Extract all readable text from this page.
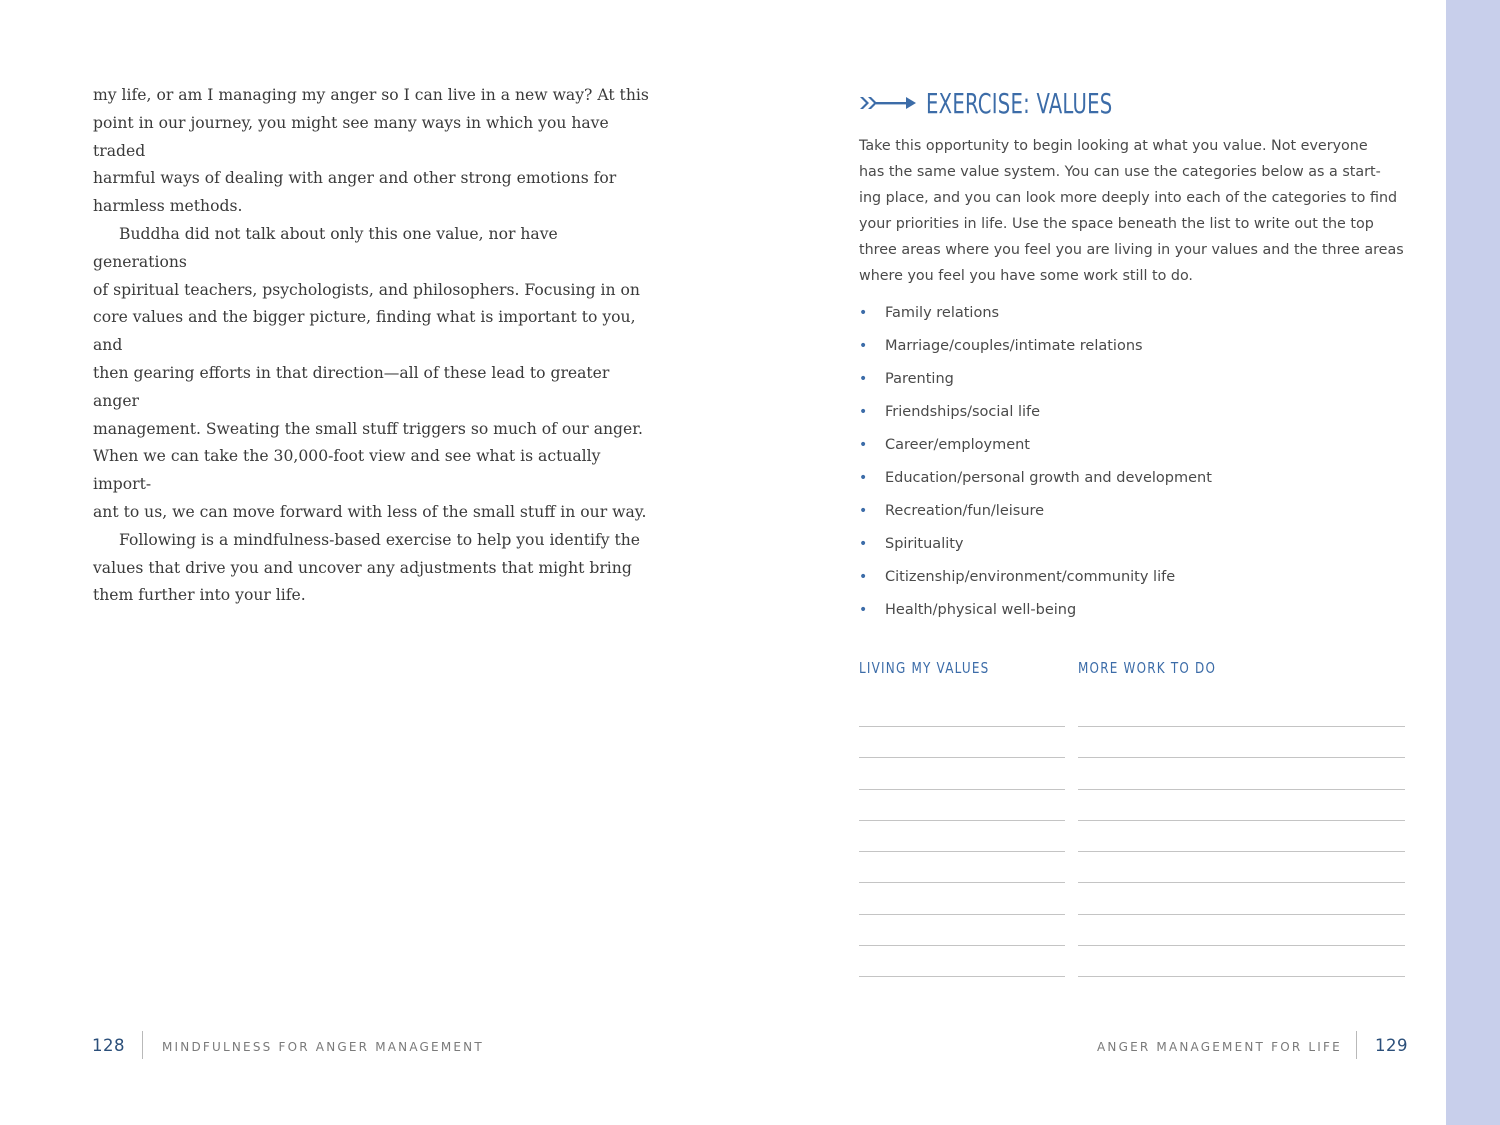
my life, or am I managing my anger so I can live in a new way? At this
point in our journey, you might see many ways in which you have traded
harmful ways of dealing with anger and other strong emotions for
harmless methods.

Buddha did not talk about only this one value, nor have generations
of spiritual teachers, psychologists, and philosophers. Focusing in on
core values and the bigger picture, finding what is important to you, and
then gearing efforts in that direction—all of these lead to greater anger
management. Sweating the small stuff triggers so much of our anger.
When we can take the 30,000-foot view and see what is actually import-
ant to us, we can move forward with less of the small stuff in our way.

Following is a mindfulness-based exercise to help you identify the
values that drive you and uncover any adjustments that might bring
them further into your life.

128	MINDFULNESS FOR ANGER MANAGEMENT
EXERCISE: VALUES

Take this opportunity to begin looking at what you value. Not everyone
has the same value system. You can use the categories below as a start-
ing place, and you can look more deeply into each of the categories to find
your priorities in life. Use the space beneath the list to write out the top
three areas where you feel you are living in your values and the three areas
where you feel you have some work still to do.

• Family relations
• Marriage/couples/intimate relations
• Parenting
• Friendships/social life
• Career/employment
• Education/personal growth and development
• Recreation/fun/leisure
• Spirituality
• Citizenship/environment/community life
• Health/physical well-being
LIVING MY VALUES	MORE WORK TO DO
ANGER MANAGEMENT FOR LIFE 129
